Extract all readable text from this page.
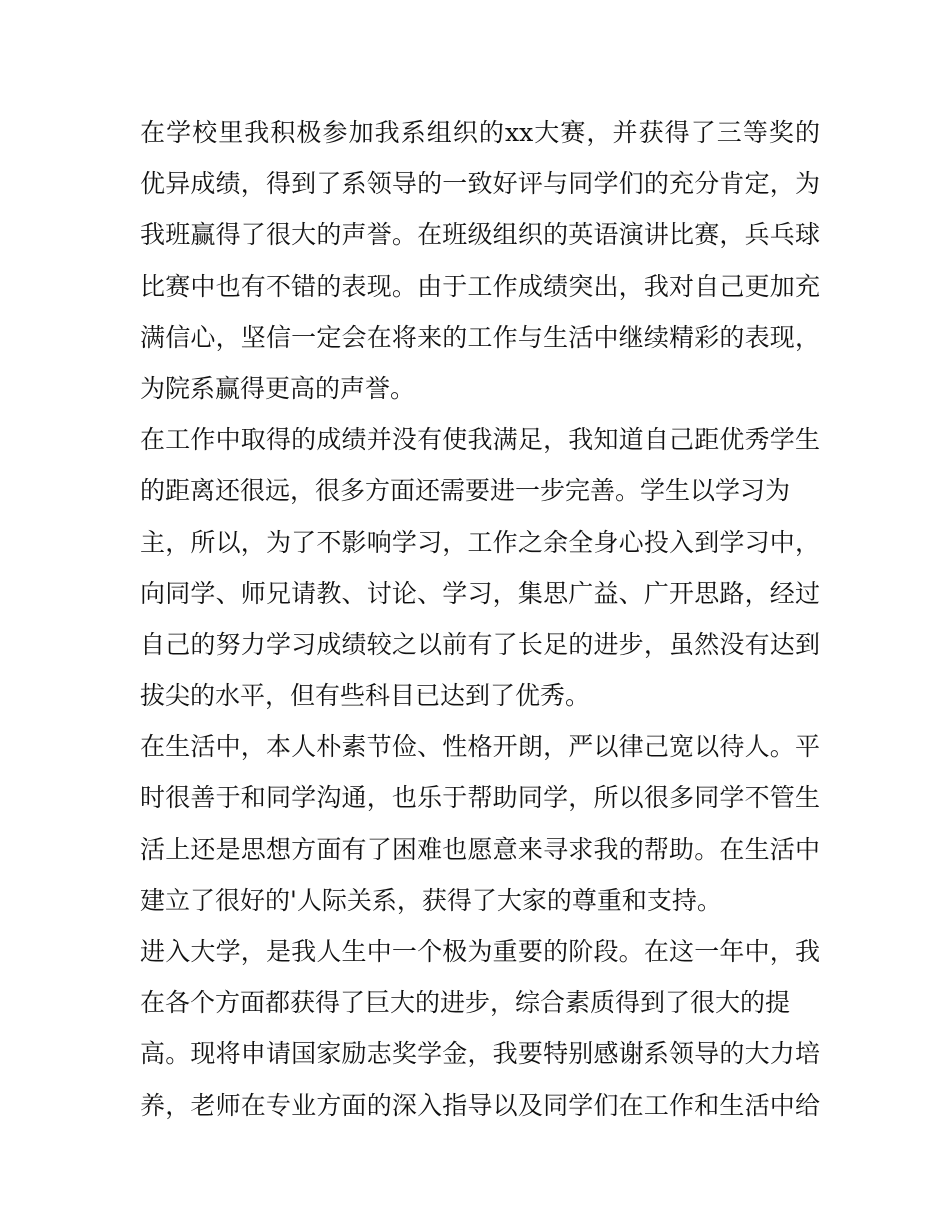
在学校里我积极参加我系组织的xx大赛，并获得了三等奖的
优异成绩，得到了系领导的一致好评与同学们的充分肯定，为
我班赢得了很大的声誉。在班级组织的英语演讲比赛，兵乓球
比赛中也有不错的表现。由于工作成绩突出，我对自己更加充
满信心，坚信一定会在将来的工作与生活中继续精彩的表现，
为院系赢得更高的声誉。
在工作中取得的成绩并没有使我满足，我知道自己距优秀学生
的距离还很远，很多方面还需要进一步完善。学生以学习为
主，所以，为了不影响学习，工作之余全身心投入到学习中，
向同学、师兄请教、讨论、学习，集思广益、广开思路，经过
自己的努力学习成绩较之以前有了长足的进步，虽然没有达到
拔尖的水平，但有些科目已达到了优秀。
在生活中，本人朴素节俭、性格开朗，严以律己宽以待人。平
时很善于和同学沟通，也乐于帮助同学，所以很多同学不管生
活上还是思想方面有了困难也愿意来寻求我的帮助。在生活中
建立了很好的'人际关系，获得了大家的尊重和支持。
进入大学，是我人生中一个极为重要的阶段。在这一年中，我
在各个方面都获得了巨大的进步，综合素质得到了很大的提
高。现将申请国家励志奖学金，我要特别感谢系领导的大力培
养，老师在专业方面的深入指导以及同学们在工作和生活中给
